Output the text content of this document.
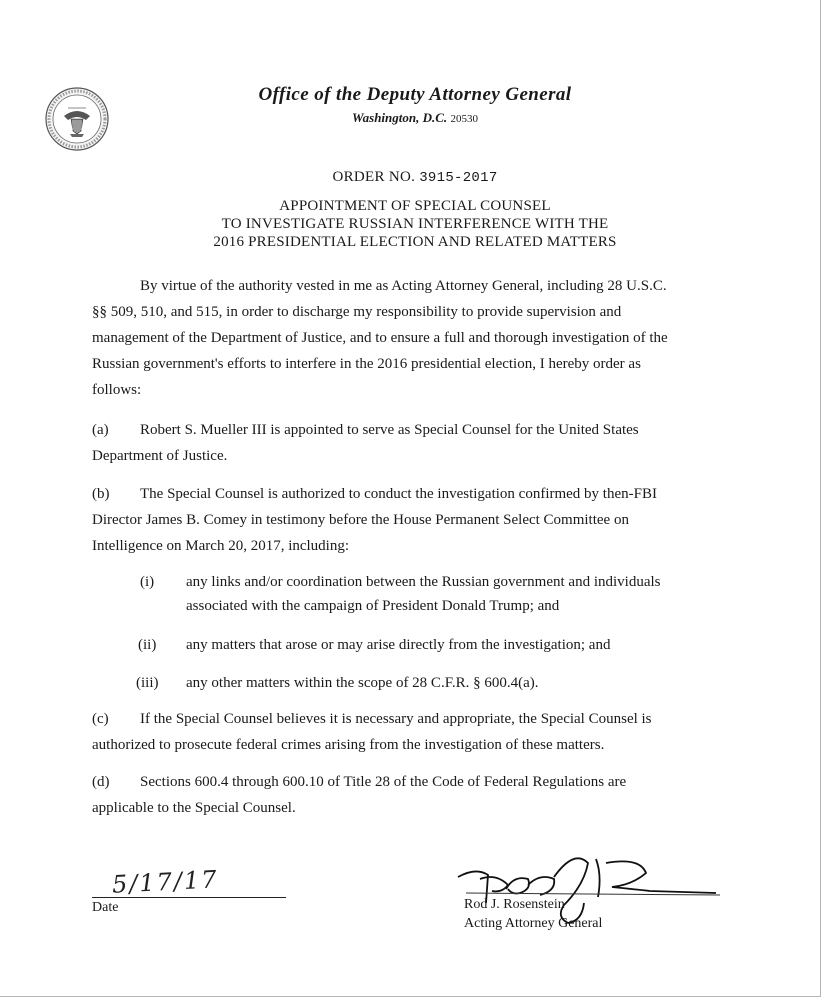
Office of the Deputy Attorney General
Washington, D.C. 20530
ORDER NO. 3915-2017
APPOINTMENT OF SPECIAL COUNSEL
TO INVESTIGATE RUSSIAN INTERFERENCE WITH THE
2016 PRESIDENTIAL ELECTION AND RELATED MATTERS
By virtue of the authority vested in me as Acting Attorney General, including 28 U.S.C.
§§ 509, 510, and 515, in order to discharge my responsibility to provide supervision and
management of the Department of Justice, and to ensure a full and thorough investigation of the
Russian government's efforts to interfere in the 2016 presidential election, I hereby order as
follows:
(a) Robert S. Mueller III is appointed to serve as Special Counsel for the United States
Department of Justice.
(b) The Special Counsel is authorized to conduct the investigation confirmed by then-FBI
Director James B. Comey in testimony before the House Permanent Select Committee on
Intelligence on March 20, 2017, including:
(i) any links and/or coordination between the Russian government and individuals
associated with the campaign of President Donald Trump; and
(ii) any matters that arose or may arise directly from the investigation; and
(iii) any other matters within the scope of 28 C.F.R. § 600.4(a).
(c) If the Special Counsel believes it is necessary and appropriate, the Special Counsel is
authorized to prosecute federal crimes arising from the investigation of these matters.
(d) Sections 600.4 through 600.10 of Title 28 of the Code of Federal Regulations are
applicable to the Special Counsel.
5/17/17
Date	Rod J. Rosenstein
Acting Attorney General
